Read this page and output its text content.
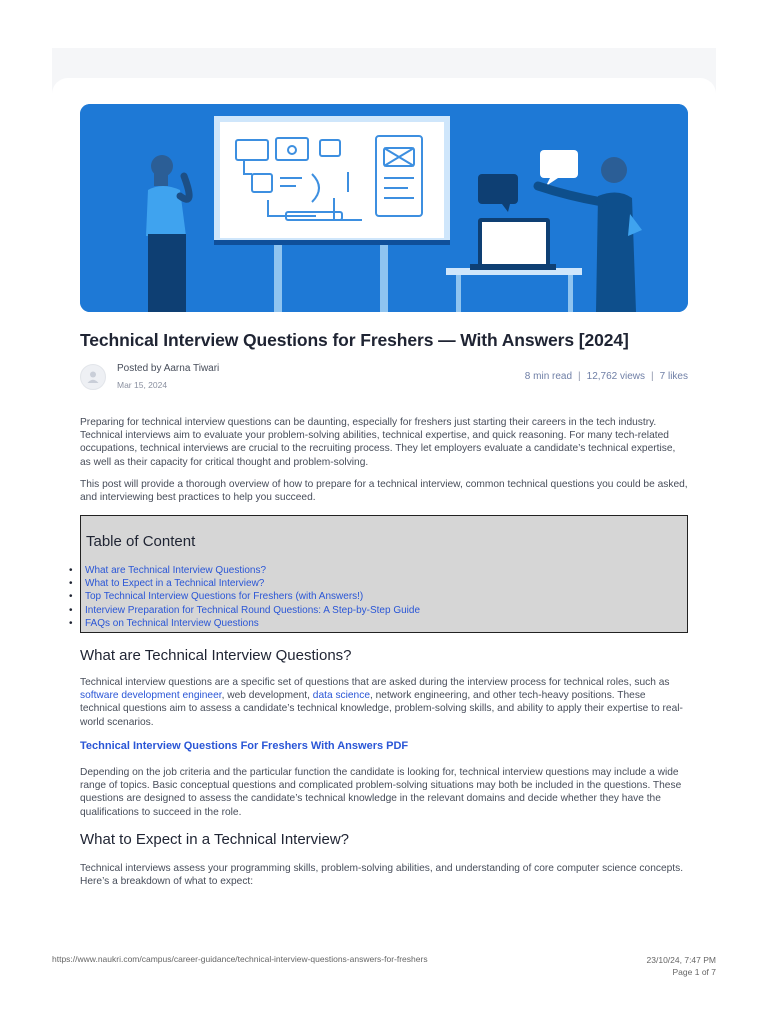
Technical Interview Questions for Freshers — With Answers [2024]
Posted by Aarna Tiwari
Mar 15, 2024
8 min read | 12,762 views | 7 likes

Preparing for technical interview questions can be daunting, especially for freshers just starting their careers in the tech industry. Technical interviews aim to evaluate your problem-solving abilities, technical expertise, and quick reasoning. For many tech-related occupations, technical interviews are crucial to the recruiting process. They let employers evaluate a candidate’s technical expertise, as well as their capacity for critical thought and problem-solving.

This post will provide a thorough overview of how to prepare for a technical interview, common technical questions you could be asked, and interviewing best practices to help you succeed.

Table of Content
• What are Technical Interview Questions?
• What to Expect in a Technical Interview?
• Top Technical Interview Questions for Freshers (with Answers!)
• Interview Preparation for Technical Round Questions: A Step-by-Step Guide
• FAQs on Technical Interview Questions
What are Technical Interview Questions?

Technical interview questions are a specific set of questions that are asked during the interview process for technical roles, such as software development engineer, web development, data science, network engineering, and other tech-heavy positions. These technical questions aim to assess a candidate’s technical knowledge, problem-solving skills, and ability to apply their expertise to real-world scenarios.

Technical Interview Questions For Freshers With Answers PDF

Depending on the job criteria and the particular function the candidate is looking for, technical interview questions may include a wide range of topics. Basic conceptual questions and complicated problem-solving situations may both be included in the questions. These questions are designed to assess the candidate’s technical knowledge in the relevant domains and decide whether they have the qualifications to succeed in the role.

What to Expect in a Technical Interview?

Technical interviews assess your programming skills, problem-solving abilities, and understanding of core computer science concepts. Here’s a breakdown of what to expect:

https://www.naukri.com/campus/career-guidance/technical-interview-questions-answers-for-freshers	23/10/24, 7:47 PM
Page 1 of 7
